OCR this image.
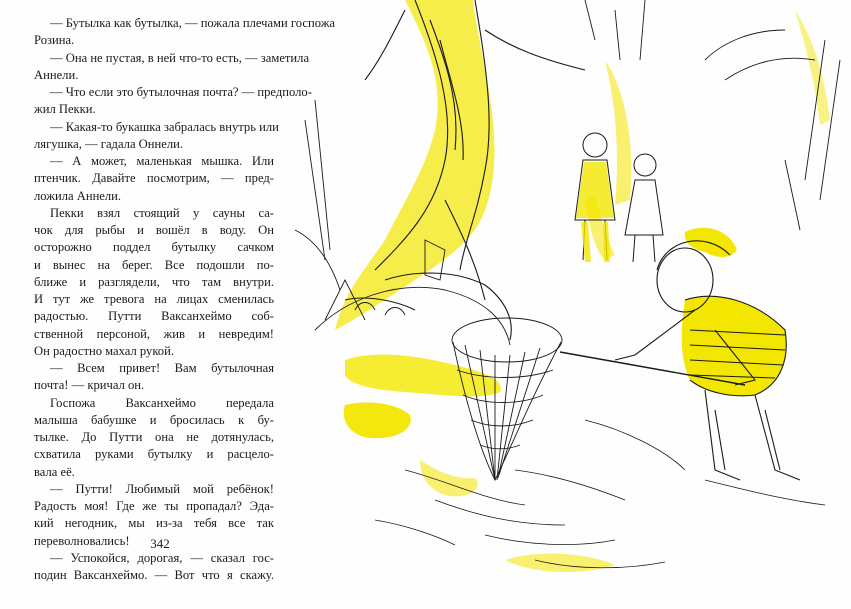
— Бутылка как бутылка, — пожала плечами госпожа
Розина.
— Она не пустая, в ней что-то есть, — заметила
Аннели.
— Что если это бутылочная почта? — предполо-
жил Пекки.
— Какая-то букашка забралась внутрь или
лягушка, — гадала Оннели.
— А может, маленькая мышка. Или
птенчик. Давайте посмотрим, — пред-
ложила Аннели.
Пекки взял стоящий у сауны са-
чок для рыбы и вошёл в воду. Он
осторожно поддел бутылку сачком
и вынес на берег. Все подошли по-
ближе и разглядели, что там внутри.
И тут же тревога на лицах сменилась
радостью. Путти Ваксанхеймо соб-
ственной персоной, жив и невредим!
Он радостно махал рукой.
— Всем привет! Вам бутылочная
почта! — кричал он.
Госпожа Ваксанхеймо передала
малыша бабушке и бросилась к бу-
тылке. До Путти она не дотянулась,
схватила руками бутылку и расцело-
вала её.
— Путти! Любимый мой ребёнок!
Радость моя! Где же ты пропадал? Эда-
кий негодник, мы из-за тебя все так
переволновались!
— Успокойся, дорогая, — сказал гос-
подин Ваксанхеймо. — Вот что я скажу.
342
